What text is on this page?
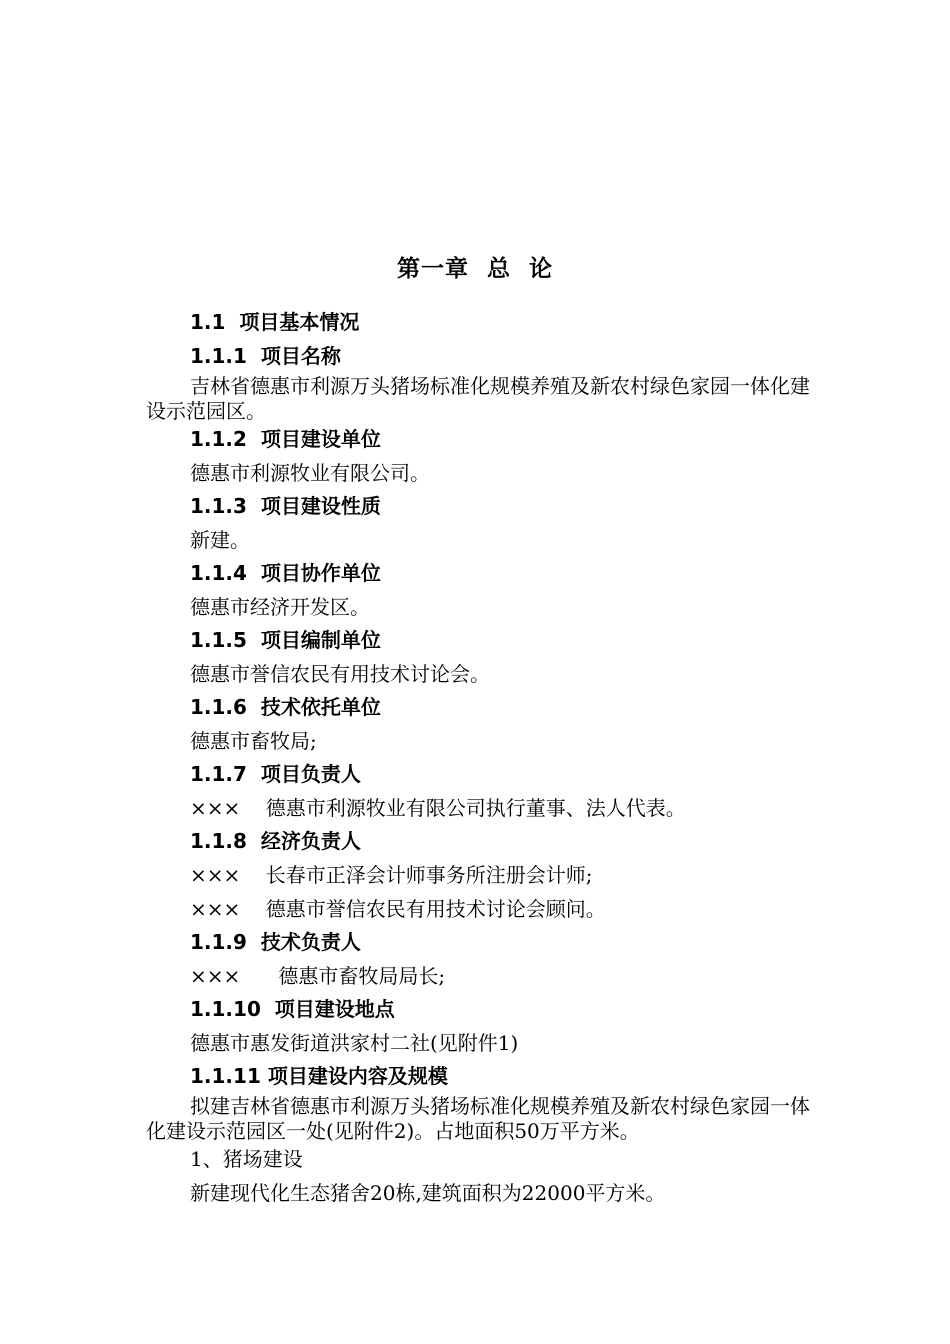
第一章  总  论
1.1  项目基本情况
1.1.1  项目名称
吉林省德惠市利源万头猪场标准化规模养殖及新农村绿色家园一体化建设示范园区。
1.1.2  项目建设单位
德惠市利源牧业有限公司。
1.1.3  项目建设性质
新建。
1.1.4  项目协作单位
德惠市经济开发区。
1.1.5  项目编制单位
德惠市誉信农民有用技术讨论会。
1.1.6  技术依托单位
德惠市畜牧局;
1.1.7  项目负责人
×××    德惠市利源牧业有限公司执行董事、法人代表。
1.1.8  经济负责人
×××    长春市正泽会计师事务所注册会计师;
×××    德惠市誉信农民有用技术讨论会顾问。
1.1.9  技术负责人
×××      德惠市畜牧局局长;
1.1.10  项目建设地点
德惠市惠发街道洪家村二社(见附件1)
1.1.11 项目建设内容及规模
拟建吉林省德惠市利源万头猪场标准化规模养殖及新农村绿色家园一体化建设示范园区一处(见附件2)。占地面积50万平方米。
1、猪场建设
新建现代化生态猪舍20栋,建筑面积为22000平方米。
